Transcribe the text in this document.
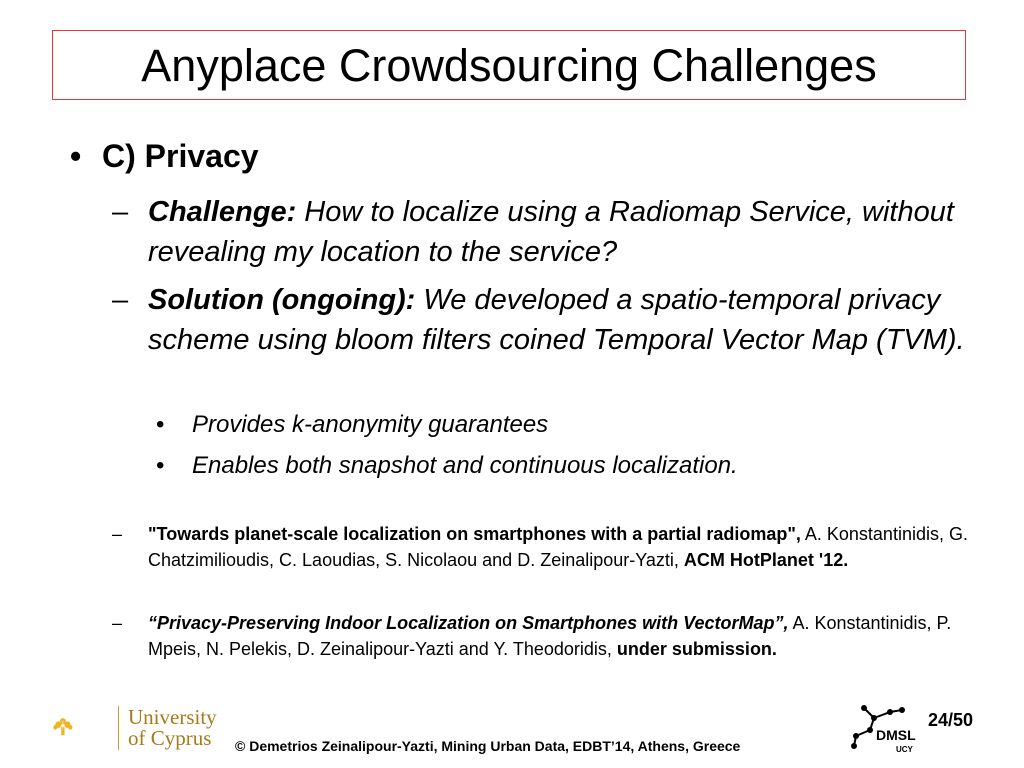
Anyplace Crowdsourcing Challenges
• C) Privacy
– Challenge: How to localize using a Radiomap Service, without revealing my location to the service?
– Solution (ongoing): We developed a spatio-temporal privacy scheme using bloom filters coined Temporal Vector Map (TVM).
• Provides k-anonymity guarantees
• Enables both snapshot and continuous localization.
– "Towards planet-scale localization on smartphones with a partial radiomap", A. Konstantinidis, G. Chatzimilioudis, C. Laoudias, S. Nicolaou and D. Zeinalipour-Yazti, ACM HotPlanet '12.
– “Privacy-Preserving Indoor Localization on Smartphones with VectorMap”, A. Konstantinidis, P. Mpeis, N. Pelekis, D. Zeinalipour-Yazti and Y. Theodoridis, under submission.
University
of Cyprus	© Demetrios Zeinalipour-Yazti, Mining Urban Data, EDBT’14, Athens, Greece
DMSL
UCY
24/50
